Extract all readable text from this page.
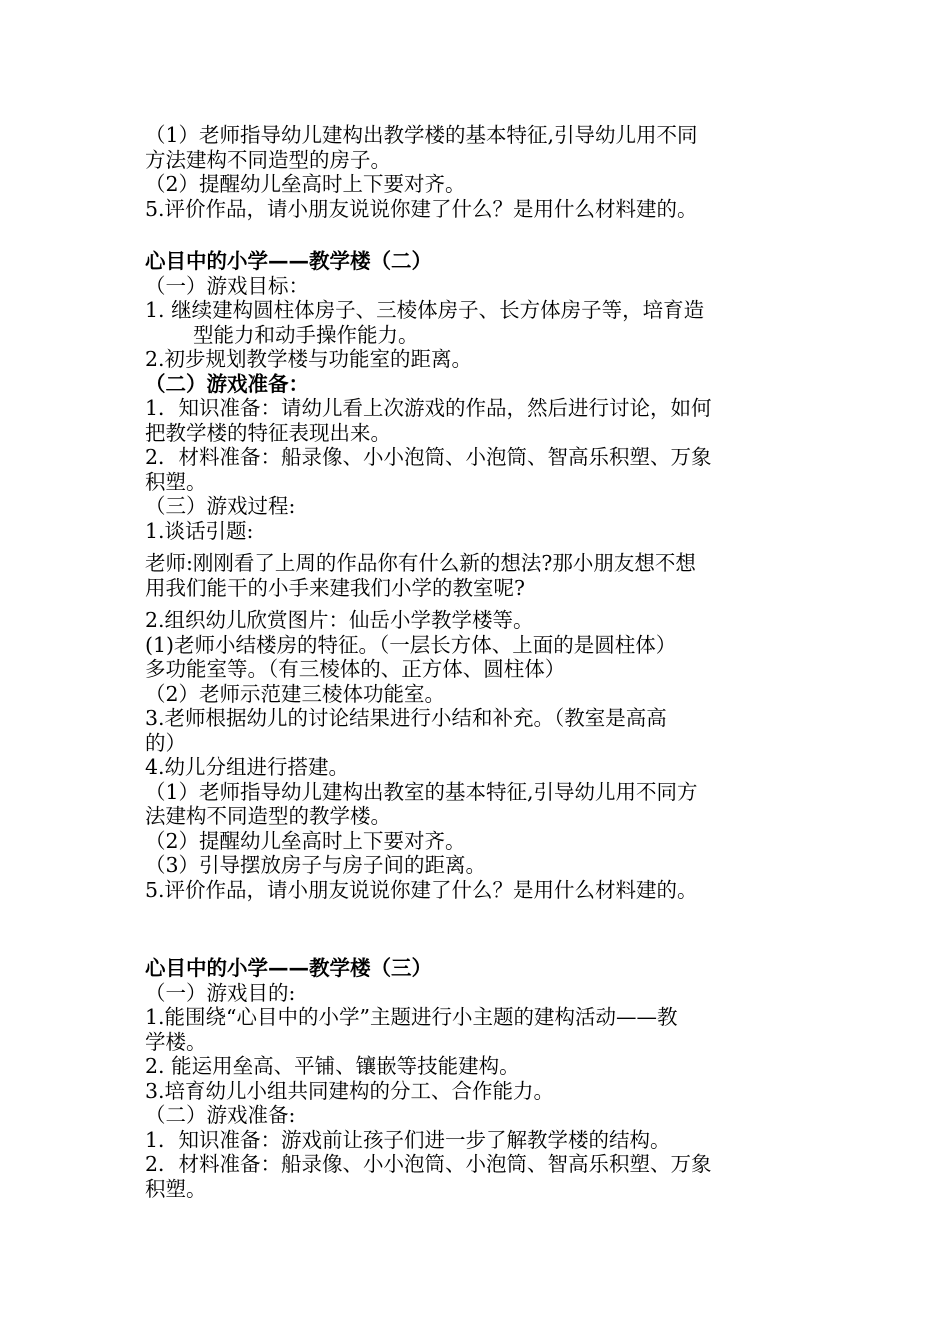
（1）老师指导幼儿建构出教学楼的基本特征,引导幼儿用不同

方法建构不同造型的房子。

（2）提醒幼儿垒高时上下要对齐。

5.评价作品，请小朋友说说你建了什么？是用什么材料建的。

心目中的小学——教学楼（二）

（一）游戏目标：

1. 继续建构圆柱体房子、三棱体房子、长方体房子等，培育造

型能力和动手操作能力。

2.初步规划教学楼与功能室的距离。

（二）游戏准备：

1．知识准备：请幼儿看上次游戏的作品，然后进行讨论，如何

把教学楼的特征表现出来。

2．材料准备：船录像、小小泡筒、小泡筒、智高乐积塑、万象

积塑。

（三）游戏过程:

1.谈话引题:

老师:刚刚看了上周的作品你有什么新的想法?那小朋友想不想

用我们能干的小手来建我们小学的教室呢?

2.组织幼儿欣赏图片：仙岳小学教学楼等。

(1)老师小结楼房的特征。（一层长方体、上面的是圆柱体）

多功能室等。（有三棱体的、正方体、圆柱体）

（2）老师示范建三棱体功能室。

3.老师根据幼儿的讨论结果进行小结和补充。（教室是高高

的）

4.幼儿分组进行搭建。

（1）老师指导幼儿建构出教室的基本特征,引导幼儿用不同方

法建构不同造型的教学楼。

（2）提醒幼儿垒高时上下要对齐。

（3）引导摆放房子与房子间的距离。

5.评价作品，请小朋友说说你建了什么？是用什么材料建的。

心目中的小学——教学楼（三）

（一）游戏目的:

1.能围绕“心目中的小学”主题进行小主题的建构活动——教

学楼。

2. 能运用垒高、平铺、镶嵌等技能建构。

3.培育幼儿小组共同建构的分工、合作能力。

（二）游戏准备:

1．知识准备：游戏前让孩子们进一步了解教学楼的结构。

2．材料准备：船录像、小小泡筒、小泡筒、智高乐积塑、万象

积塑。
